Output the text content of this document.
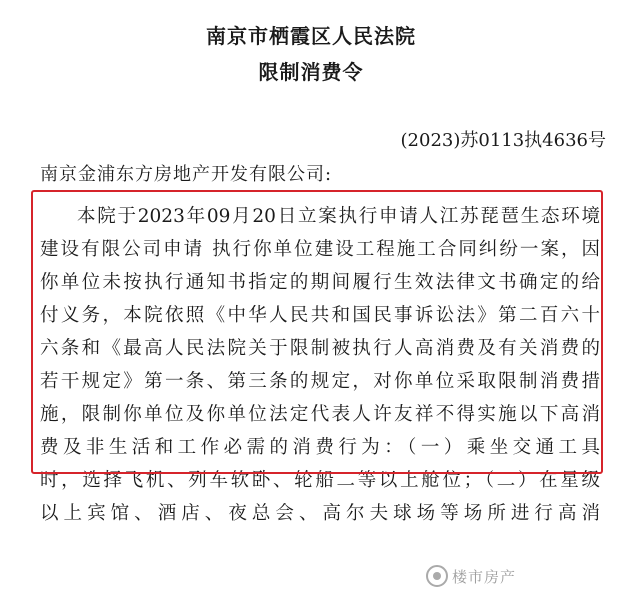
南京市栖霞区人民法院
限制消费令
(2023)苏0113执4636号
南京金浦东方房地产开发有限公司:
本院于2023年09月20日立案执行申请人江苏琵琶生态环境
建设有限公司申请 执行你单位建设工程施工合同纠纷一案，因
你单位未按执行通知书指定的期间履行生效法律文书确定的给
付义务，本院依照《中华人民共和国民事诉讼法》第二百六十
六条和《最高人民法院关于限制被执行人高消费及有关消费的
若干规定》第一条、第三条的规定，对你单位采取限制消费措
施，限制你单位及你单位法定代表人许友祥不得实施以下高消
费及非生活和工作必需的消费行为：（一）乘坐交通工具
时，选择飞机、列车软卧、轮船二等以上舱位；（二）在星级
以上宾馆、酒店、夜总会、高尔夫球场等场所进行高消
楼市房产
